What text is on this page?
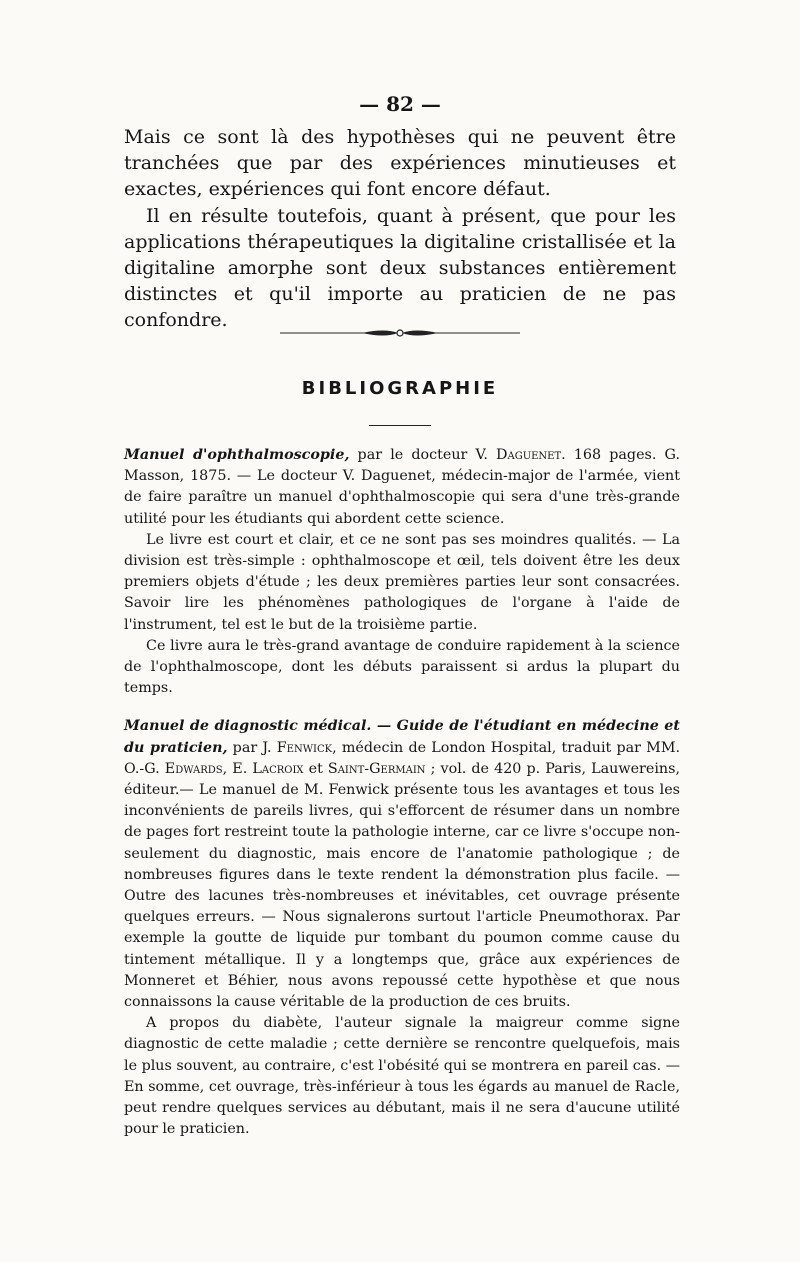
— 82 —

Mais ce sont là des hypothèses qui ne peuvent être tranchées que par des expériences minutieuses et exactes, expériences qui font encore défaut.

Il en résulte toutefois, quant à présent, que pour les applications thérapeutiques la digitaline cristallisée et la digitaline amorphe sont deux substances entièrement distinctes et qu'il importe au praticien de ne pas confondre.

BIBLIOGRAPHIE

Manuel d'ophthalmoscopie, par le docteur V. Daguenet. 168 pages. G. Masson, 1875. — Le docteur V. Daguenet, médecin-major de l'armée, vient de faire paraître un manuel d'ophthalmoscopie qui sera d'une très-grande utilité pour les étudiants qui abordent cette science.

Le livre est court et clair, et ce ne sont pas ses moindres qualités. — La division est très-simple : ophthalmoscope et œil, tels doivent être les deux premiers objets d'étude ; les deux premières parties leur sont consacrées. Savoir lire les phénomènes pathologiques de l'organe à l'aide de l'instrument, tel est le but de la troisième partie.

Ce livre aura le très-grand avantage de conduire rapidement à la science de l'ophthalmoscope, dont les débuts paraissent si ardus la plupart du temps.

Manuel de diagnostic médical. — Guide de l'étudiant en médecine et du praticien, par J. Fenwick, médecin de London Hospital, traduit par MM. O.-G. Edwards, E. Lacroix et Saint-Germain ; vol. de 420 p. Paris, Lauwereins, éditeur.— Le manuel de M. Fenwick présente tous les avantages et tous les inconvénients de pareils livres, qui s'efforcent de résumer dans un nombre de pages fort restreint toute la pathologie interne, car ce livre s'occupe non-seulement du diagnostic, mais encore de l'anatomie pathologique ; de nombreuses figures dans le texte rendent la démonstration plus facile. — Outre des lacunes très-nombreuses et inévitables, cet ouvrage présente quelques erreurs. — Nous signalerons surtout l'article Pneumothorax. Par exemple la goutte de liquide pur tombant du poumon comme cause du tintement métallique. Il y a longtemps que, grâce aux expériences de Monneret et Béhier, nous avons repoussé cette hypothèse et que nous connaissons la cause véritable de la production de ces bruits.

A propos du diabète, l'auteur signale la maigreur comme signe diagnostic de cette maladie ; cette dernière se rencontre quelquefois, mais le plus souvent, au contraire, c'est l'obésité qui se montrera en pareil cas. — En somme, cet ouvrage, très-inférieur à tous les égards au manuel de Racle, peut rendre quelques services au débutant, mais il ne sera d'aucune utilité pour le praticien.
